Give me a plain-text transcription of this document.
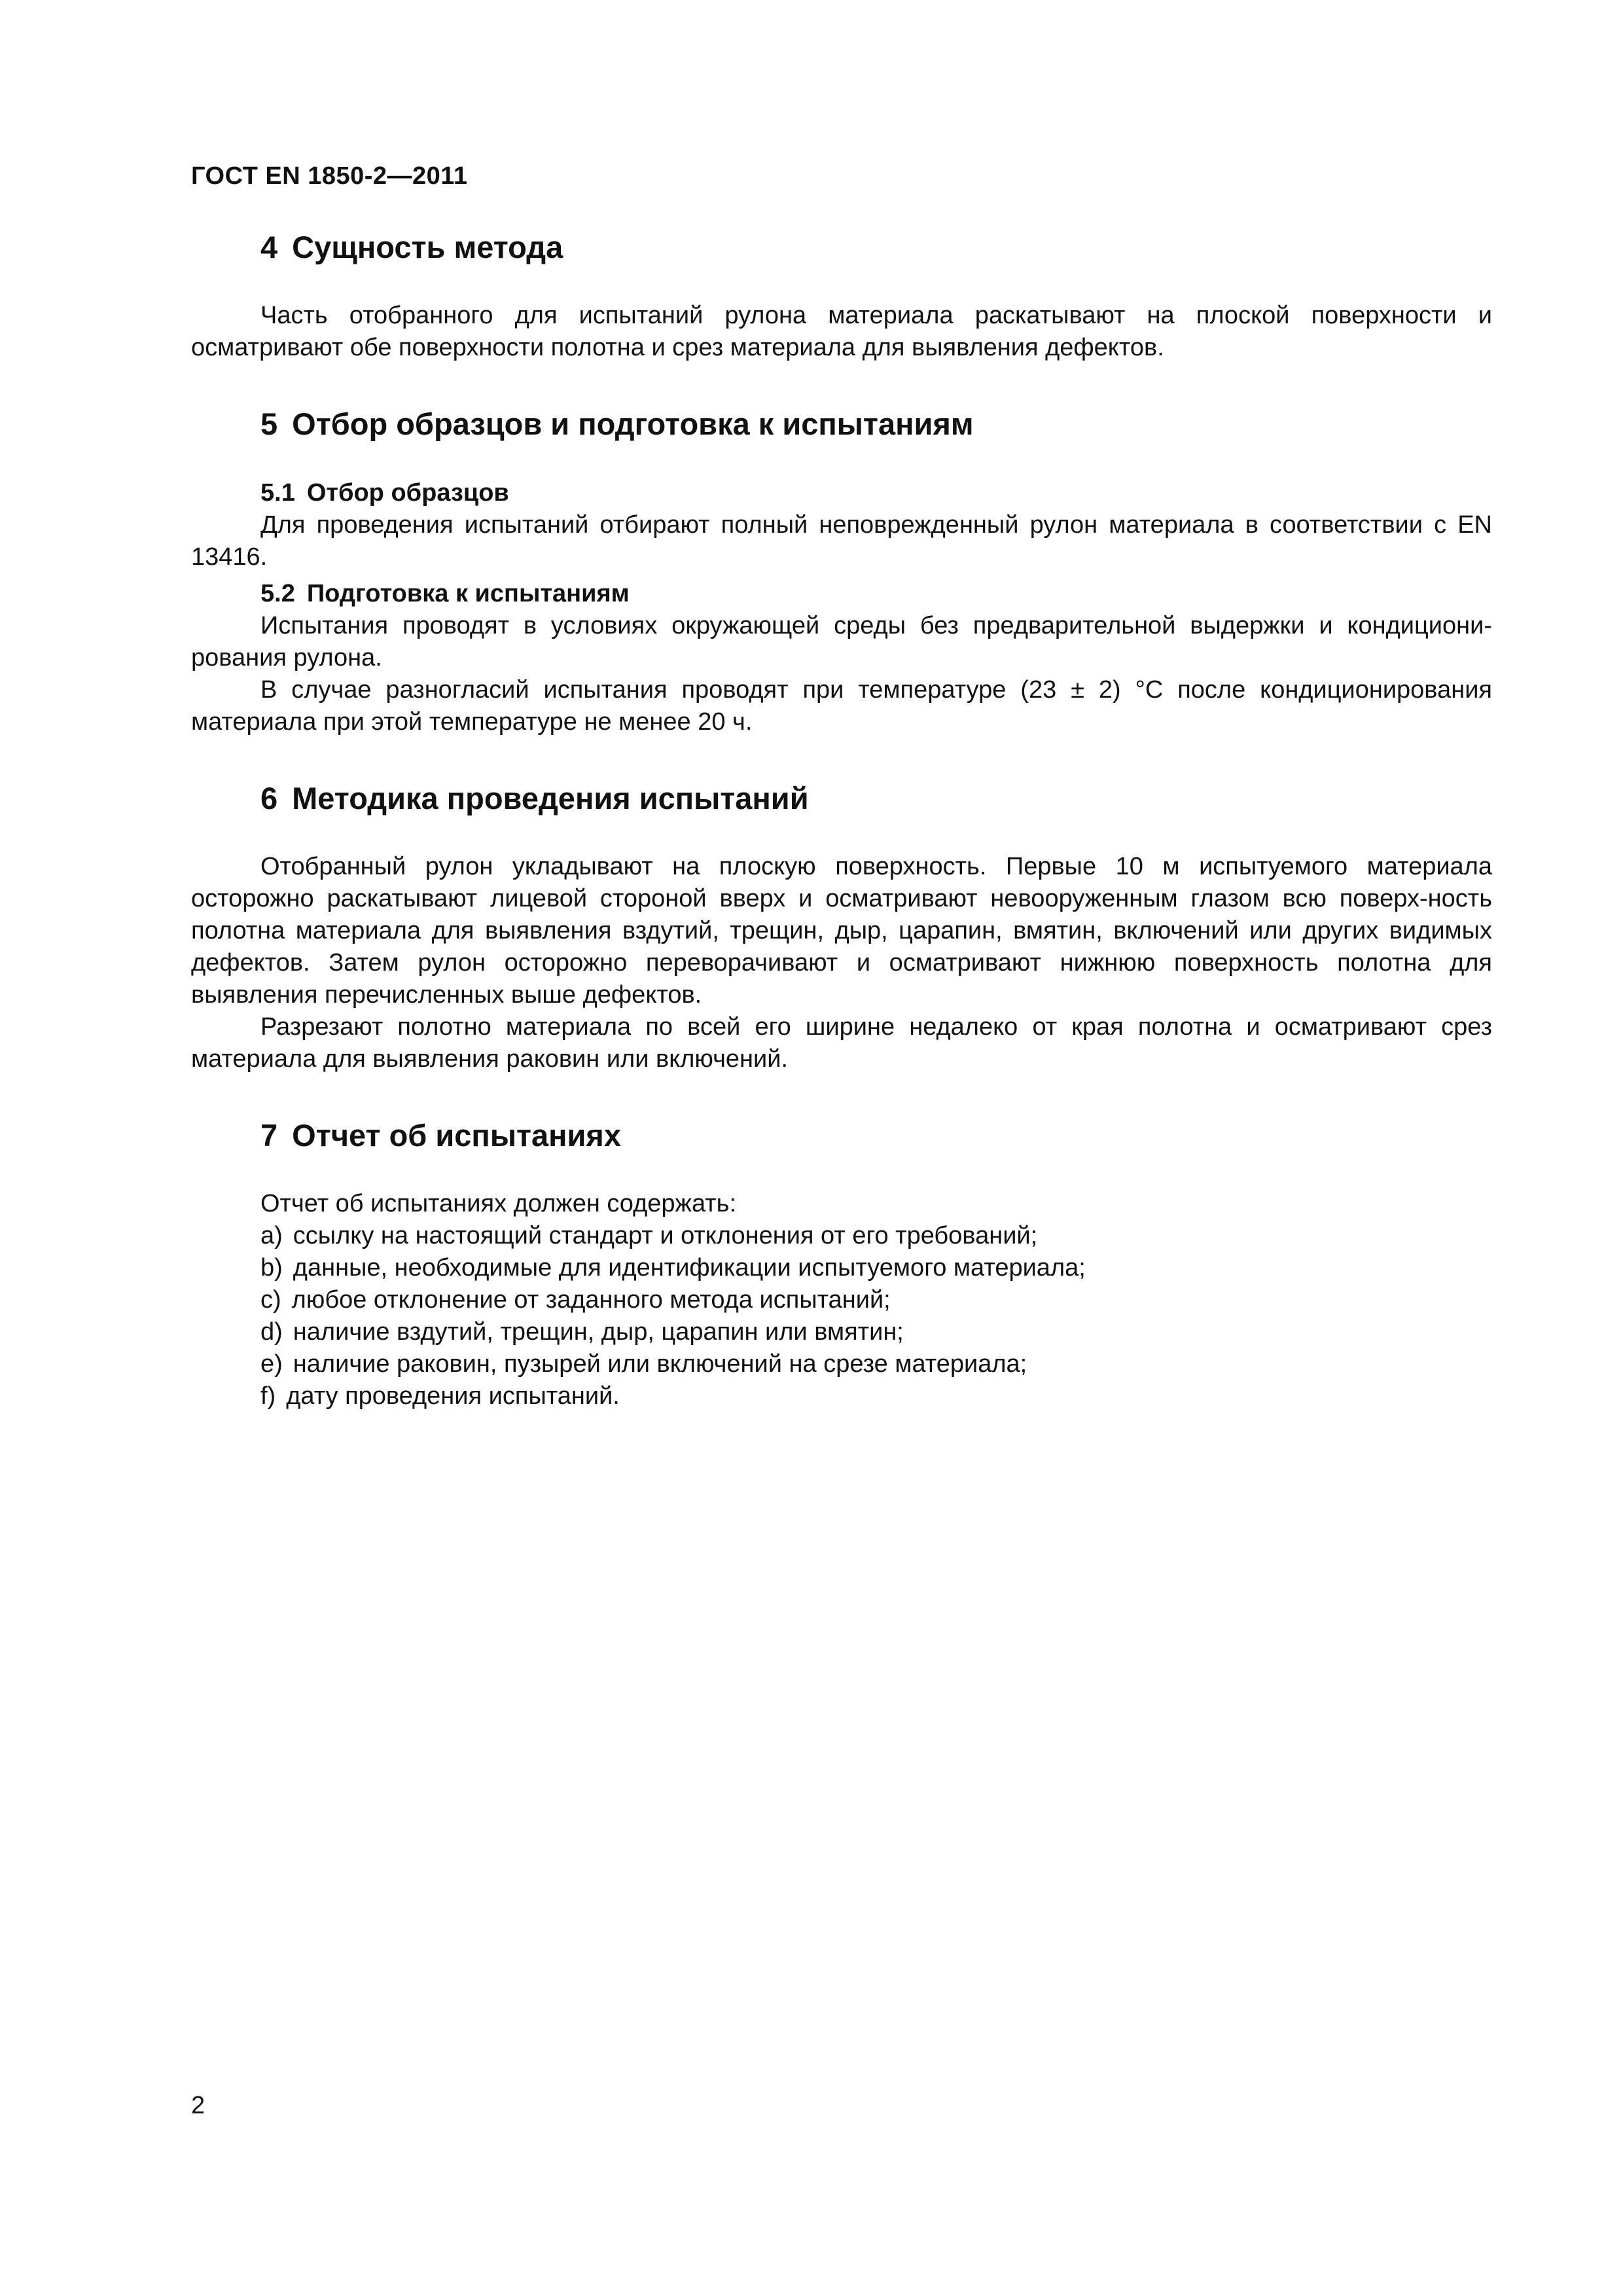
ГОСТ EN 1850-2—2011
4 Сущность метода

Часть отобранного для испытаний рулона материала раскатывают на плоской поверхности и осматривают обе поверхности полотна и срез материала для выявления дефектов.

5 Отбор образцов и подготовка к испытаниям
5.1 Отбор образцов

Для проведения испытаний отбирают полный неповрежденный рулон материала в соответствии с EN 13416.

5.2 Подготовка к испытаниям

Испытания проводят в условиях окружающей среды без предварительной выдержки и кондициони-рования рулона.

В случае разногласий испытания проводят при температуре (23 ± 2) °С после кондиционирования материала при этой температуре не менее 20 ч.

6 Методика проведения испытаний

Отобранный рулон укладывают на плоскую поверхность. Первые 10 м испытуемого материала осторожно раскатывают лицевой стороной вверх и осматривают невооруженным глазом всю поверх-ность полотна материала для выявления вздутий, трещин, дыр, царапин, вмятин, включений или других видимых дефектов. Затем рулон осторожно переворачивают и осматривают нижнюю поверхность полотна для выявления перечисленных выше дефектов.

Разрезают полотно материала по всей его ширине недалеко от края полотна и осматривают срез материала для выявления раковин или включений.

7 Отчет об испытаниях

Отчет об испытаниях должен содержать:

а) ссылку на настоящий стандарт и отклонения от его требований;
b) данные, необходимые для идентификации испытуемого материала;
с) любое отклонение от заданного метода испытаний;
d) наличие вздутий, трещин, дыр, царапин или вмятин;
е) наличие раковин, пузырей или включений на срезе материала;
f) дату проведения испытаний.
2
